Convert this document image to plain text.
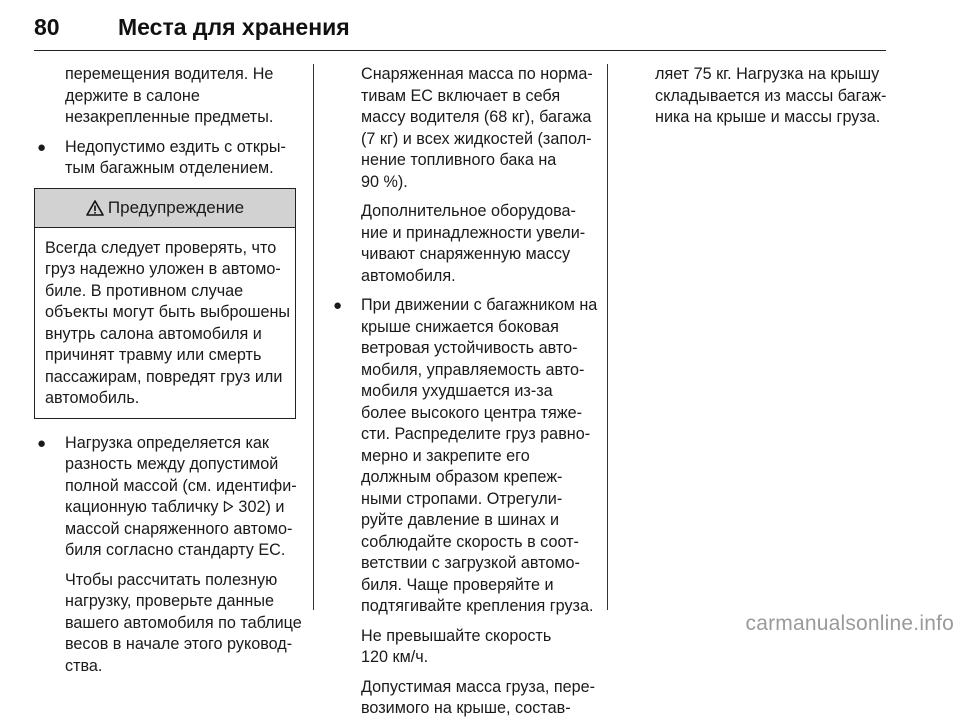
80	Места для хранения
перемещения водителя. Не
держите в салоне
незакрепленные предметы.
● Недопустимо ездить с откры-
тым багажным отделением.
Предупреждение
Всегда следует проверять, что
груз надежно уложен в автомо-
биле. В противном случае
объекты могут быть выброшены
внутрь салона автомобиля и
причинят травму или смерть
пассажирам, повредят груз или
автомобиль.
● Нагрузка определяется как
разность между допустимой
полной массой (см. идентифи-
кационную табличку  302) и
массой снаряженного автомо-
биля согласно стандарту ЕС.
Чтобы рассчитать полезную
нагрузку, проверьте данные
вашего автомобиля по таблице
весов в начале этого руковод-
ства.
Снаряженная масса по норма-
тивам ЕС включает в себя
массу водителя (68 кг), багажа
(7 кг) и всех жидкостей (запол-
нение топливного бака на
90 %).
Дополнительное оборудова-
ние и принадлежности увели-
чивают снаряженную массу
автомобиля.
● При движении с багажником на
крыше снижается боковая
ветровая устойчивость авто-
мобиля, управляемость авто-
мобиля ухудшается из-за
более высокого центра тяже-
сти. Распределите груз равно-
мерно и закрепите его
должным образом крепеж-
ными стропами. Отрегули-
руйте давление в шинах и
соблюдайте скорость в соот-
ветствии с загрузкой автомо-
биля. Чаще проверяйте и
подтягивайте крепления груза.
Не превышайте скорость
120 км/ч.
Допустимая масса груза, пере-
возимого на крыше, состав-
ляет 75 кг. Нагрузка на крышу
складывается из массы багаж-
ника на крыше и массы груза.
carmanualsonline.info
